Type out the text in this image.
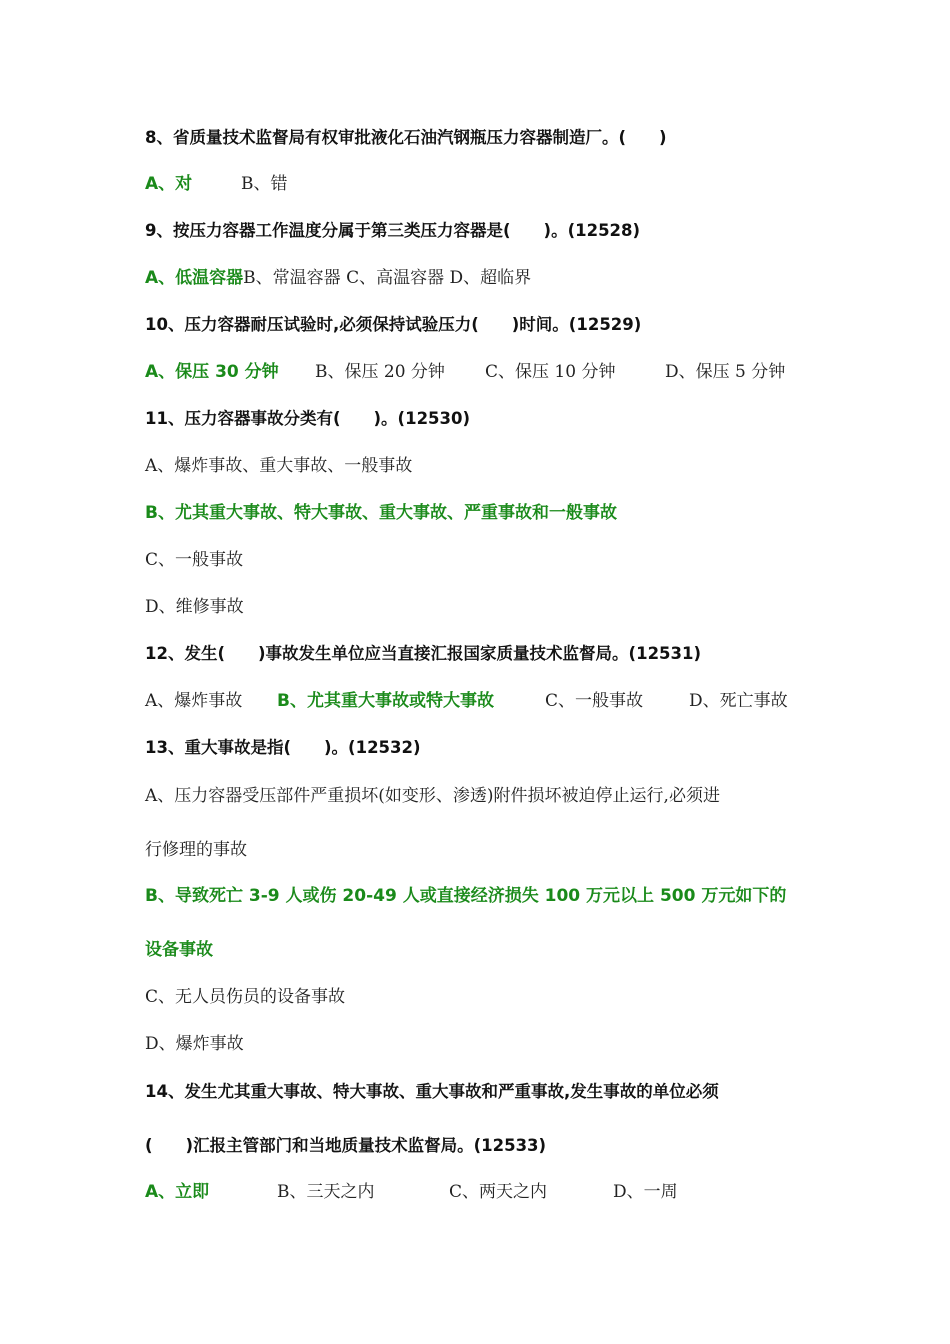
8、省质量技术监督局有权审批液化石油汽钢瓶压力容器制造厂。(　　)
A、对	B、错
9、按压力容器工作温度分属于第三类压力容器是(　　)。(12528)
A、低温容器B、常温容器 C、高温容器 D、超临界
10、压力容器耐压试验时,必须保持试验压力(　　)时间。(12529)
A、保压 30 分钟 B、保压 20 分钟 C、保压 10 分钟	D、保压 5 分钟
11、压力容器事故分类有(　　)。(12530)
A、爆炸事故、重大事故、一般事故
B、尤其重大事故、特大事故、重大事故、严重事故和一般事故
C、一般事故
D、维修事故
12、发生(　　)事故发生单位应当直接汇报国家质量技术监督局。(12531)
A、爆炸事故 B、尤其重大事故或特大事故	C、一般事故	D、死亡事故
13、重大事故是指(　　)。(12532)
A、压力容器受压部件严重损坏(如变形、渗透)附件损坏被迫停止运行,必须进
行修理的事故
B、导致死亡 3-9 人或伤 20-49 人或直接经济损失 100 万元以上 500 万元如下的
设备事故
C、无人员伤员的设备事故
D、爆炸事故
14、发生尤其重大事故、特大事故、重大事故和严重事故,发生事故的单位必须
(　　)汇报主管部门和当地质量技术监督局。(12533)
A、立即	B、三天之内	C、两天之内	D、一周
